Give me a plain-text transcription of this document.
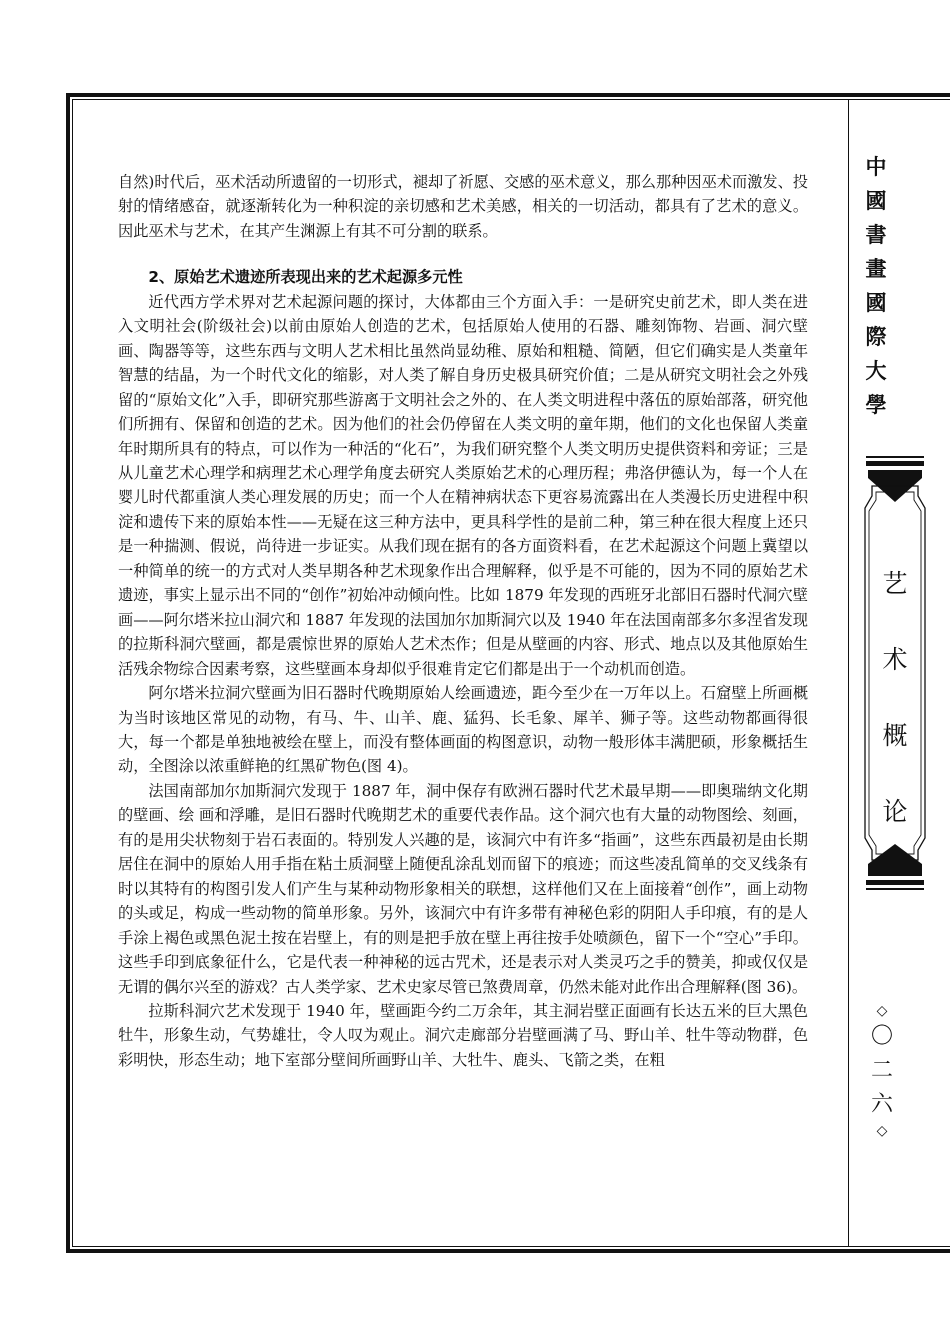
自然)时代后，巫术活动所遗留的一切形式，褪却了祈愿、交感的巫术意义，那么那种因巫术而激发、投射的情绪感奋，就逐渐转化为一种积淀的亲切感和艺术美感，相关的一切活动，都具有了艺术的意义。因此巫术与艺术，在其产生渊源上有其不可分割的联系。

2、原始艺术遗迹所表现出来的艺术起源多元性

近代西方学术界对艺术起源问题的探讨，大体都由三个方面入手：一是研究史前艺术，即人类在进入文明社会(阶级社会)以前由原始人创造的艺术，包括原始人使用的石器、雕刻饰物、岩画、洞穴壁画、陶器等等，这些东西与文明人艺术相比虽然尚显幼稚、原始和粗糙、简陋，但它们确实是人类童年智慧的结晶，为一个时代文化的缩影，对人类了解自身历史极具研究价值；二是从研究文明社会之外残留的“原始文化”入手，即研究那些游离于文明社会之外的、在人类文明进程中落伍的原始部落，研究他们所拥有、保留和创造的艺术。因为他们的社会仍停留在人类文明的童年期，他们的文化也保留人类童年时期所具有的特点，可以作为一种活的“化石”，为我们研究整个人类文明历史提供资料和旁证；三是从儿童艺术心理学和病理艺术心理学角度去研究人类原始艺术的心理历程；弗洛伊德认为，每一个人在婴儿时代都重演人类心理发展的历史；而一个人在精神病状态下更容易流露出在人类漫长历史进程中积淀和遗传下来的原始本性——无疑在这三种方法中，更具科学性的是前二种，第三种在很大程度上还只是一种揣测、假说，尚待进一步证实。从我们现在据有的各方面资料看，在艺术起源这个问题上冀望以一种简单的统一的方式对人类早期各种艺术现象作出合理解释，似乎是不可能的，因为不同的原始艺术遗迹，事实上显示出不同的“创作”初始冲动倾向性。比如 1879 年发现的西班牙北部旧石器时代洞穴壁画——阿尔塔米拉山洞穴和 1887 年发现的法国加尔加斯洞穴以及 1940 年在法国南部多尔多涅省发现的拉斯科洞穴壁画，都是震惊世界的原始人艺术杰作；但是从壁画的内容、形式、地点以及其他原始生活残余物综合因素考察，这些壁画本身却似乎很难肯定它们都是出于一个动机而创造。

阿尔塔米拉洞穴壁画为旧石器时代晚期原始人绘画遗迹，距今至少在一万年以上。石窟壁上所画概为当时该地区常见的动物，有马、牛、山羊、鹿、猛犸、长毛象、犀羊、狮子等。这些动物都画得很大，每一个都是单独地被绘在壁上，而没有整体画面的构图意识，动物一般形体丰满肥硕，形象概括生动，全图涂以浓重鲜艳的红黑矿物色(图 4)。

法国南部加尔加斯洞穴发现于 1887 年，洞中保存有欧洲石器时代艺术最早期——即奥瑞纳文化期的壁画、绘 画和浮雕，是旧石器时代晚期艺术的重要代表作品。这个洞穴也有大量的动物图绘、刻画，有的是用尖状物刻于岩石表面的。特别发人兴趣的是，该洞穴中有许多“指画”，这些东西最初是由长期居住在洞中的原始人用手指在粘土质洞壁上随便乱涂乱划而留下的痕迹；而这些凌乱简单的交叉线条有时以其特有的构图引发人们产生与某种动物形象相关的联想，这样他们又在上面接着“创作”，画上动物的头或足，构成一些动物的简单形象。另外，该洞穴中有许多带有神秘色彩的阴阳人手印痕，有的是人手涂上褐色或黑色泥土按在岩壁上，有的则是把手放在壁上再往按手处喷颜色，留下一个“空心”手印。这些手印到底象征什么，它是代表一种神秘的远古咒术，还是表示对人类灵巧之手的赞美，抑或仅仅是无谓的偶尔兴至的游戏？古人类学家、艺术史家尽管已煞费周章，仍然未能对此作出合理解释(图 36)。

拉斯科洞穴艺术发现于 1940 年，壁画距今约二万余年，其主洞岩壁正面画有长达五米的巨大黑色牡牛，形象生动，气势雄壮，令人叹为观止。洞穴走廊部分岩壁画满了马、野山羊、牡牛等动物群，色彩明快，形态生动；地下室部分壁间所画野山羊、大牡牛、鹿头、飞箭之类，在粗

中
國
書
畫
國
際
大
學
艺
术
概
论
◇
〇
二
六
◇
